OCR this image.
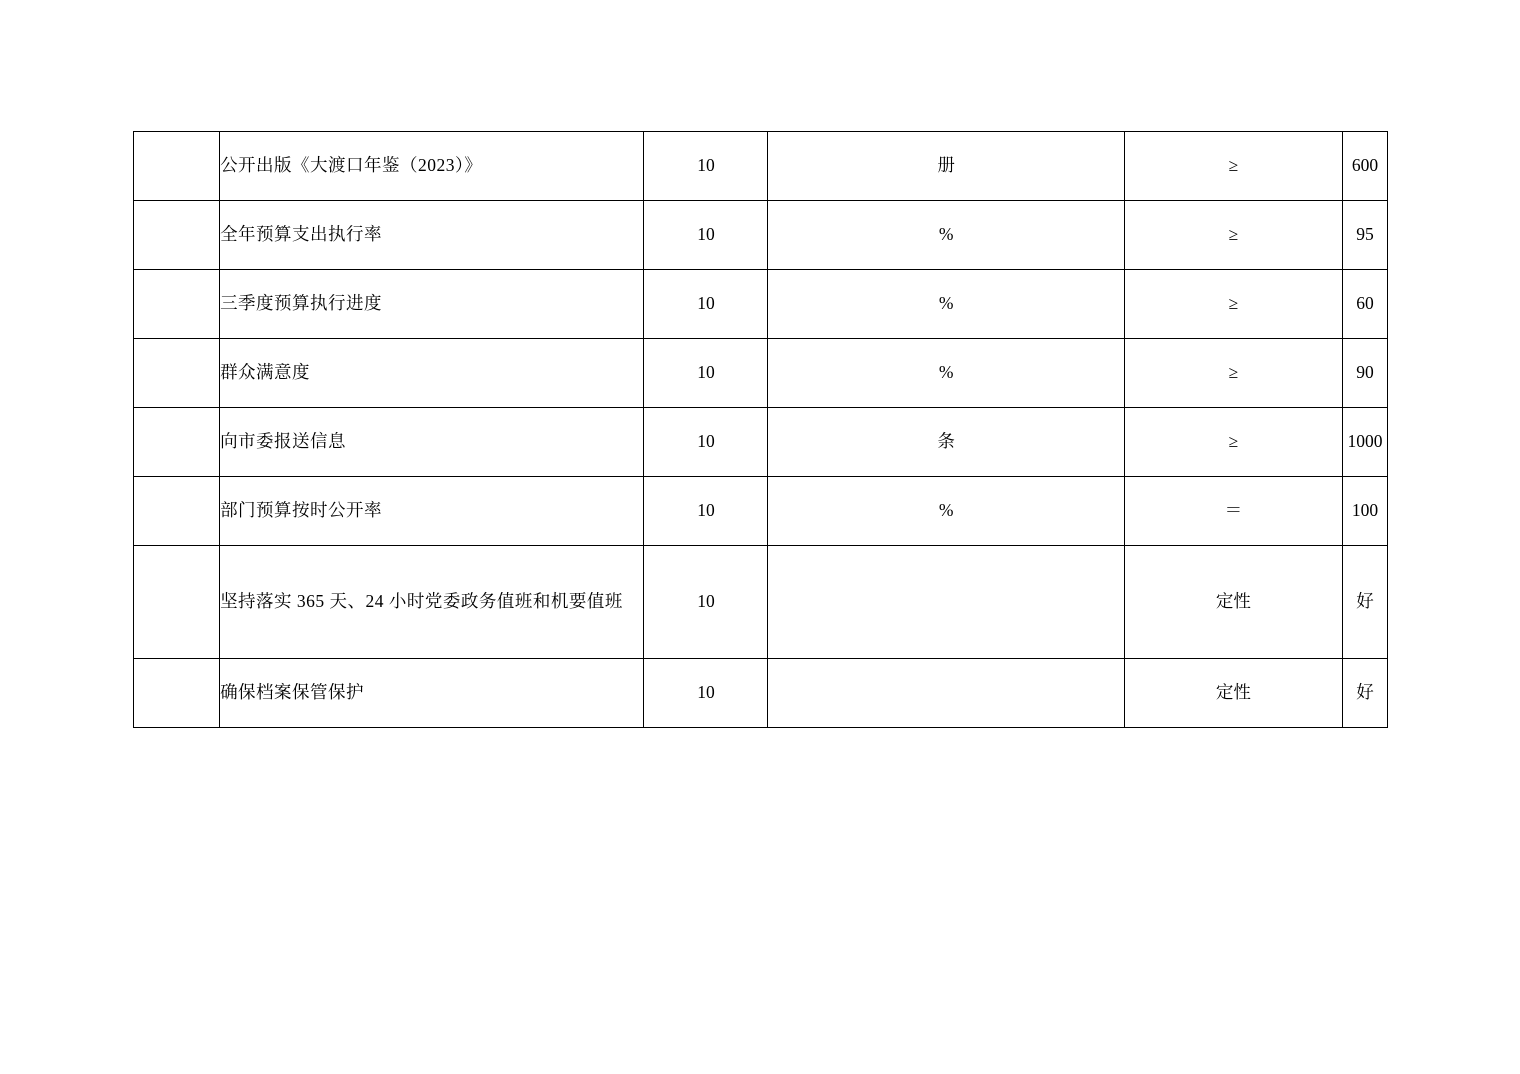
	公开出版《大渡口年鉴（2023）》	10	册	≥	600
	全年预算支出执行率	10	%	≥	95
	三季度预算执行进度	10	%	≥	60
	群众满意度	10	%	≥	90
	向市委报送信息	10	条	≥	1000
	部门预算按时公开率	10	%	＝	100
	坚持落实 365 天、24 小时党委政务值班和机要值班	10		定性	好
	确保档案保管保护	10		定性	好
